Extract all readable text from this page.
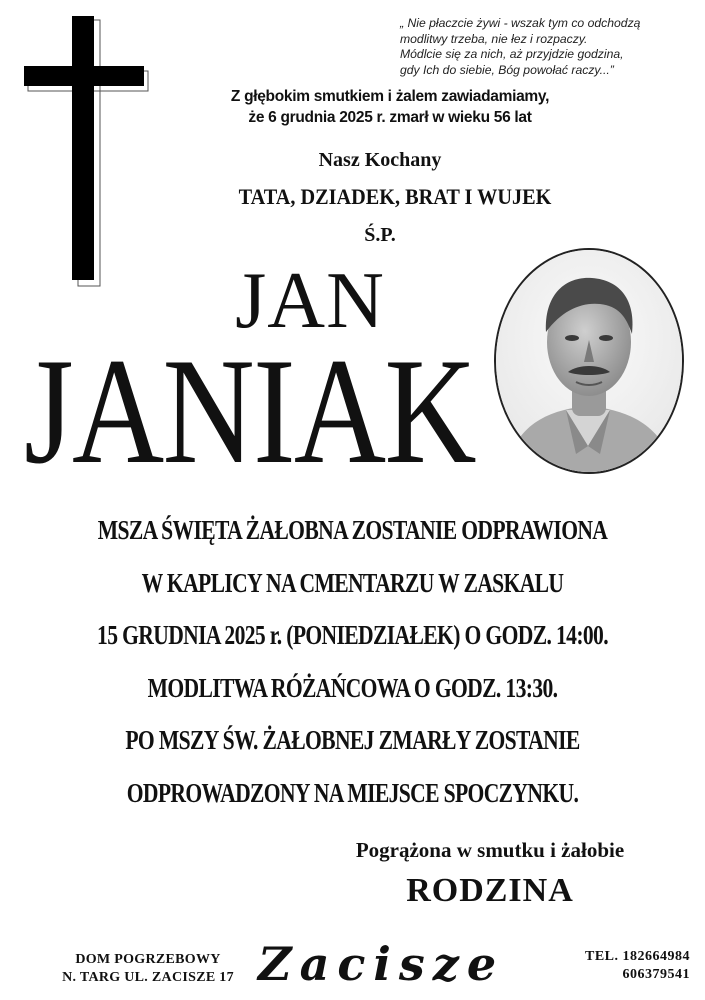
„ Nie płaczcie żywi - wszak tym co odchodzą
modlitwy trzeba, nie łez i rozpaczy.
Módlcie się za nich, aż przyjdzie godzina,
gdy Ich do siebie, Bóg powołać raczy...”
Z głębokim smutkiem i żalem zawiadamiamy,
że 6 grudnia 2025 r. zmarł w wieku 56 lat
Nasz Kochany
TATA, DZIADEK, BRAT I WUJEK
Ś.P.
JAN
JANIAK
MSZA ŚWIĘTA ŻAŁOBNA ZOSTANIE ODPRAWIONA
W KAPLICY NA CMENTARZU W ZASKALU
15 GRUDNIA 2025 r. (PONIEDZIAŁEK) O GODZ. 14:00.
MODLITWA RÓŻAŃCOWA O GODZ. 13:30.
PO MSZY ŚW. ŻAŁOBNEJ ZMARŁY ZOSTANIE
ODPROWADZONY NA MIEJSCE SPOCZYNKU.
Pogrążona w smutku i żałobie
RODZINA
DOM POGRZEBOWY
N. TARG UL. ZACISZE 17 Zacisze	TEL. 182664984
606379541
